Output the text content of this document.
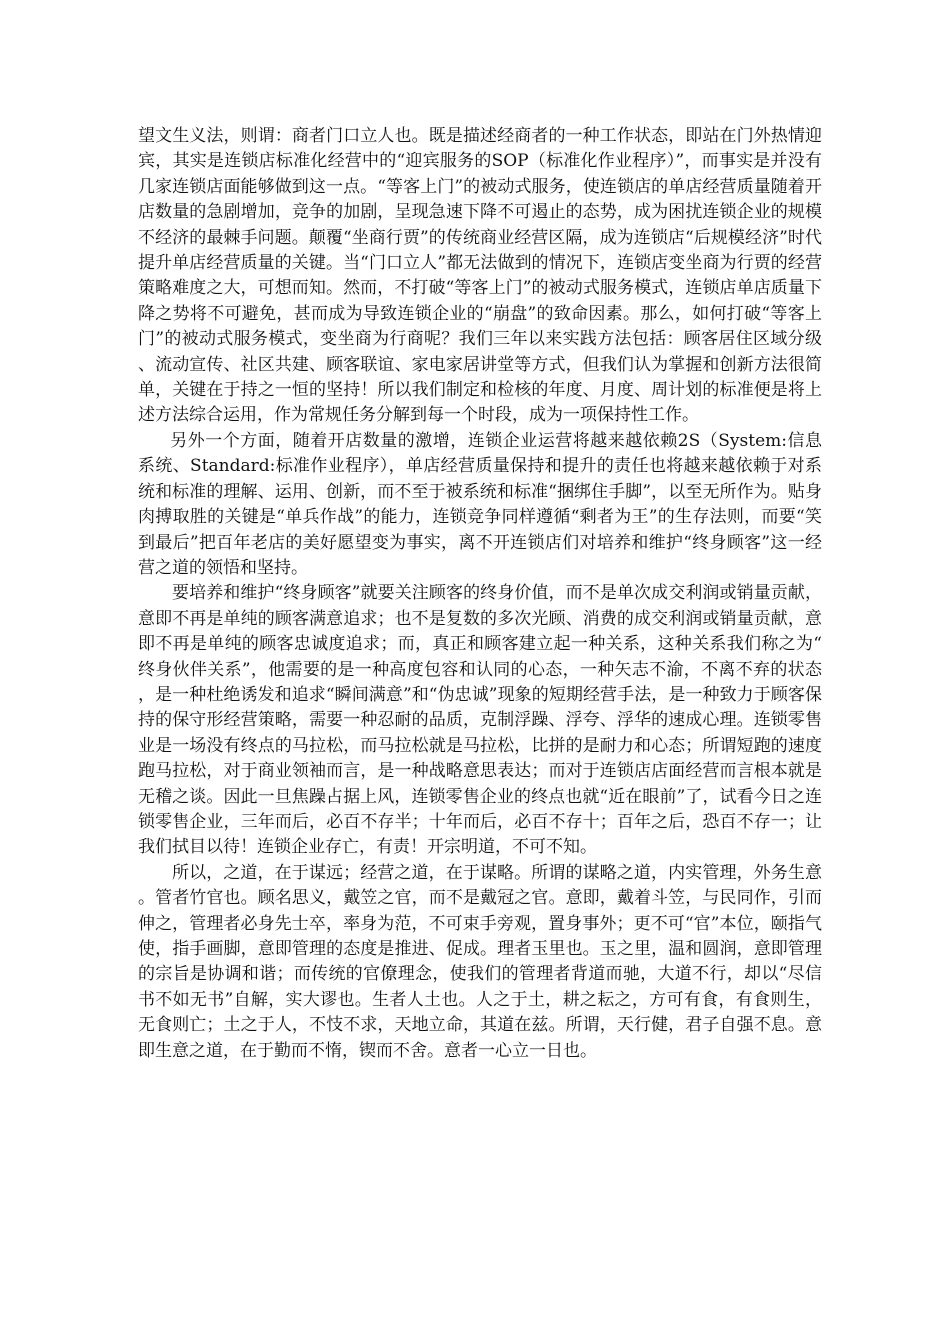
望文生义法，则谓：商者门口立人也。既是描述经商者的一种工作状态，即站在门外热情迎宾，其实是连锁店标准化经营中的“迎宾服务的SOP（标准化作业程序）”，而事实是并没有几家连锁店面能够做到这一点。“等客上门”的被动式服务，使连锁店的单店经营质量随着开店数量的急剧增加，竞争的加剧，呈现急速下降不可遏止的态势，成为困扰连锁企业的规模不经济的最棘手问题。颠覆“坐商行贾”的传统商业经营区隔，成为连锁店“后规模经济”时代提升单店经营质量的关键。当“门口立人”都无法做到的情况下，连锁店变坐商为行贾的经营策略难度之大，可想而知。然而，不打破“等客上门”的被动式服务模式，连锁店单店质量下降之势将不可避免，甚而成为导致连锁企业的“崩盘”的致命因素。那么，如何打破“等客上门”的被动式服务模式，变坐商为行商呢？我们三年以来实践方法包括：顾客居住区域分级、流动宣传、社区共建、顾客联谊、家电家居讲堂等方式，但我们认为掌握和创新方法很简单，关键在于持之一恒的坚持！所以我们制定和检核的年度、月度、周计划的标准便是将上述方法综合运用，作为常规任务分解到每一个时段，成为一项保持性工作。

另外一个方面，随着开店数量的激增，连锁企业运营将越来越依赖2S（System:信息系统、Standard:标准作业程序），单店经营质量保持和提升的责任也将越来越依赖于对系统和标准的理解、运用、创新，而不至于被系统和标准“捆绑住手脚”，以至无所作为。贴身肉搏取胜的关键是“单兵作战”的能力，连锁竞争同样遵循“剩者为王”的生存法则，而要“笑到最后”把百年老店的美好愿望变为事实，离不开连锁店们对培养和维护“终身顾客”这一经营之道的领悟和坚持。

要培养和维护“终身顾客”就要关注顾客的终身价值，而不是单次成交利润或销量贡献，意即不再是单纯的顾客满意追求；也不是复数的多次光顾、消费的成交利润或销量贡献，意即不再是单纯的顾客忠诚度追求；而，真正和顾客建立起一种关系，这种关系我们称之为“终身伙伴关系”，他需要的是一种高度包容和认同的心态，一种矢志不渝，不离不弃的状态，是一种杜绝诱发和追求“瞬间满意”和“伪忠诚”现象的短期经营手法，是一种致力于顾客保持的保守形经营策略，需要一种忍耐的品质，克制浮躁、浮夸、浮华的速成心理。连锁零售业是一场没有终点的马拉松，而马拉松就是马拉松，比拼的是耐力和心态；所谓短跑的速度跑马拉松，对于商业领袖而言，是一种战略意思表达；而对于连锁店店面经营而言根本就是无稽之谈。因此一旦焦躁占据上风，连锁零售企业的终点也就“近在眼前”了，试看今日之连锁零售企业，三年而后，必百不存半；十年而后，必百不存十；百年之后，恐百不存一；让我们拭目以待！连锁企业存亡，有责！开宗明道，不可不知。

所以，之道，在于谋远；经营之道，在于谋略。所谓的谋略之道，内实管理，外务生意。管者竹官也。顾名思义，戴笠之官，而不是戴冠之官。意即，戴着斗笠，与民同作，引而伸之，管理者必身先士卒，率身为范，不可束手旁观，置身事外；更不可“官”本位，颐指气使，指手画脚，意即管理的态度是推进、促成。理者玉里也。玉之里，温和圆润，意即管理的宗旨是协调和谐；而传统的官僚理念，使我们的管理者背道而驰，大道不行，却以“尽信书不如无书”自解，实大谬也。生者人土也。人之于土，耕之耘之，方可有食，有食则生，无食则亡；土之于人，不忮不求，天地立命，其道在兹。所谓，天行健，君子自强不息。意即生意之道，在于勤而不惰，锲而不舍。意者一心立一日也。
